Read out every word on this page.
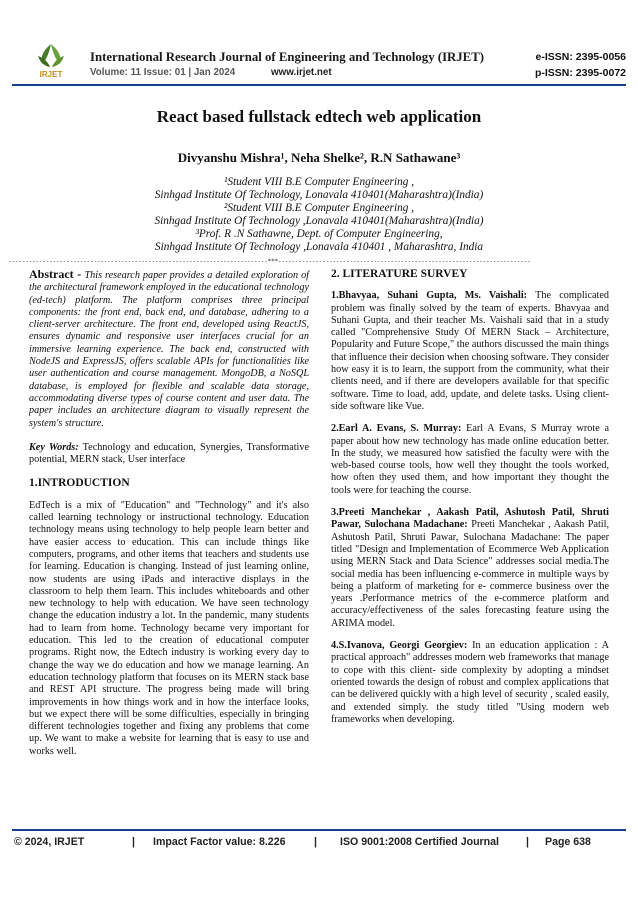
IRJET
International Research Journal of Engineering and Technology (IRJET)	e-ISSN: 2395-0056
Volume: 11 Issue: 01 | Jan 2024	www.irjet.net	p-ISSN: 2395-0072
React based fullstack edtech web application
Divyanshu Mishra¹, Neha Shelke², R.N Sathawane³
¹Student VIII B.E Computer Engineering ,
Sinhgad Institute Of Technology, Lonavala 410401(Maharashtra)(India)
²Student VIII B.E Computer Engineering ,
Sinhgad Institute Of Technology ,Lonavala 410401(Maharashtra)(India)
³Prof. R .N Sathawne, Dept. of Computer Engineering,
Sinhgad Institute Of Technology ,Lonavala 410401 , Maharashtra, India
----------------------------------------------------------------------------***--------------------------------------------------------------------------

Abstract - This research paper provides a detailed exploration of the architectural framework employed in the educational technology (ed-tech) platform. The platform comprises three principal components: the front end, back end, and database, adhering to a client-server architecture. The front end, developed using ReactJS, ensures dynamic and responsive user interfaces crucial for an immersive learning experience. The back end, constructed with NodeJS and ExpressJS, offers scalable APIs for functionalities like user authentication and course management. MongoDB, a NoSQL database, is employed for flexible and scalable data storage, accommodating diverse types of course content and user data. The paper includes an architecture diagram to visually represent the system's structure.

Key Words: Technology and education, Synergies, Transformative potential, MERN stack, User interface

1.INTRODUCTION

EdTech is a mix of "Education" and "Technology" and it's also called learning technology or instructional technology. Education technology means using technology to help people learn better and have easier access to education. This can include things like computers, programs, and other items that teachers and students use for learning. Education is changing. Instead of just learning online, now students are using iPads and interactive displays in the classroom to help them learn. This includes whiteboards and other new technology to help with education. We have seen technology change the education industry a lot. In the pandemic, many students had to learn from home. Technology became very important for education. This led to the creation of educational computer programs. Right now, the Edtech industry is working every day to change the way we do education and how we manage learning. An education technology platform that focuses on its MERN stack base and REST API structure. The progress being made will bring improvements in how things work and in how the interface looks, but we expect there will be some difficulties, especially in bringing different technologies together and fixing any problems that come up. We want to make a website for learning that is easy to use and works well.

2. LITERATURE SURVEY

1.Bhavyaa, Suhani Gupta, Ms. Vaishali: The complicated problem was finally solved by the team of experts. Bhavyaa and Suhani Gupta, and their teacher Ms. Vaishali said that in a study called "Comprehensive Study Of MERN Stack – Architecture, Popularity and Future Scope," the authors discussed the main things that influence their decision when choosing software. They consider how easy it is to learn, the support from the community, what their clients need, and if there are developers available for that specific software. Time to load, add, update, and delete tasks. Using client-side software like Vue.

2.Earl A. Evans, S. Murray: Earl A Evans, S Murray wrote a paper about how new technology has made online education better. In the study, we measured how satisfied the faculty were with the web-based course tools, how well they thought the tools worked, how often they used them, and how important they thought the tools were for teaching the course.

3.Preeti Manchekar , Aakash Patil, Ashutosh Patil, Shruti Pawar, Sulochana Madachane: Preeti Manchekar , Aakash Patil, Ashutosh Patil, Shruti Pawar, Sulochana Madachane: The paper titled "Design and Implementation of Ecommerce Web Application using MERN Stack and Data Science" addresses social media.The social media has been influencing e-commerce in multiple ways by being a platform of marketing for e- commerce business over the years .Performance metrics of the e-commerce platform and accuracy/effectiveness of the sales forecasting feature using the ARIMA model.

4.S.Ivanova, Georgi Georgiev: In an education application : A practical approach" addresses modern web frameworks that manage to cope with this client- side complexity by adopting a mindset oriented towards the design of robust and complex applications that can be delivered quickly with a high level of security , scaled easily, and extended simply. the study titled "Using modern web frameworks when developing.

© 2024, IRJET	| Impact Factor value: 8.226	| ISO 9001:2008 Certified Journal	| Page 638
